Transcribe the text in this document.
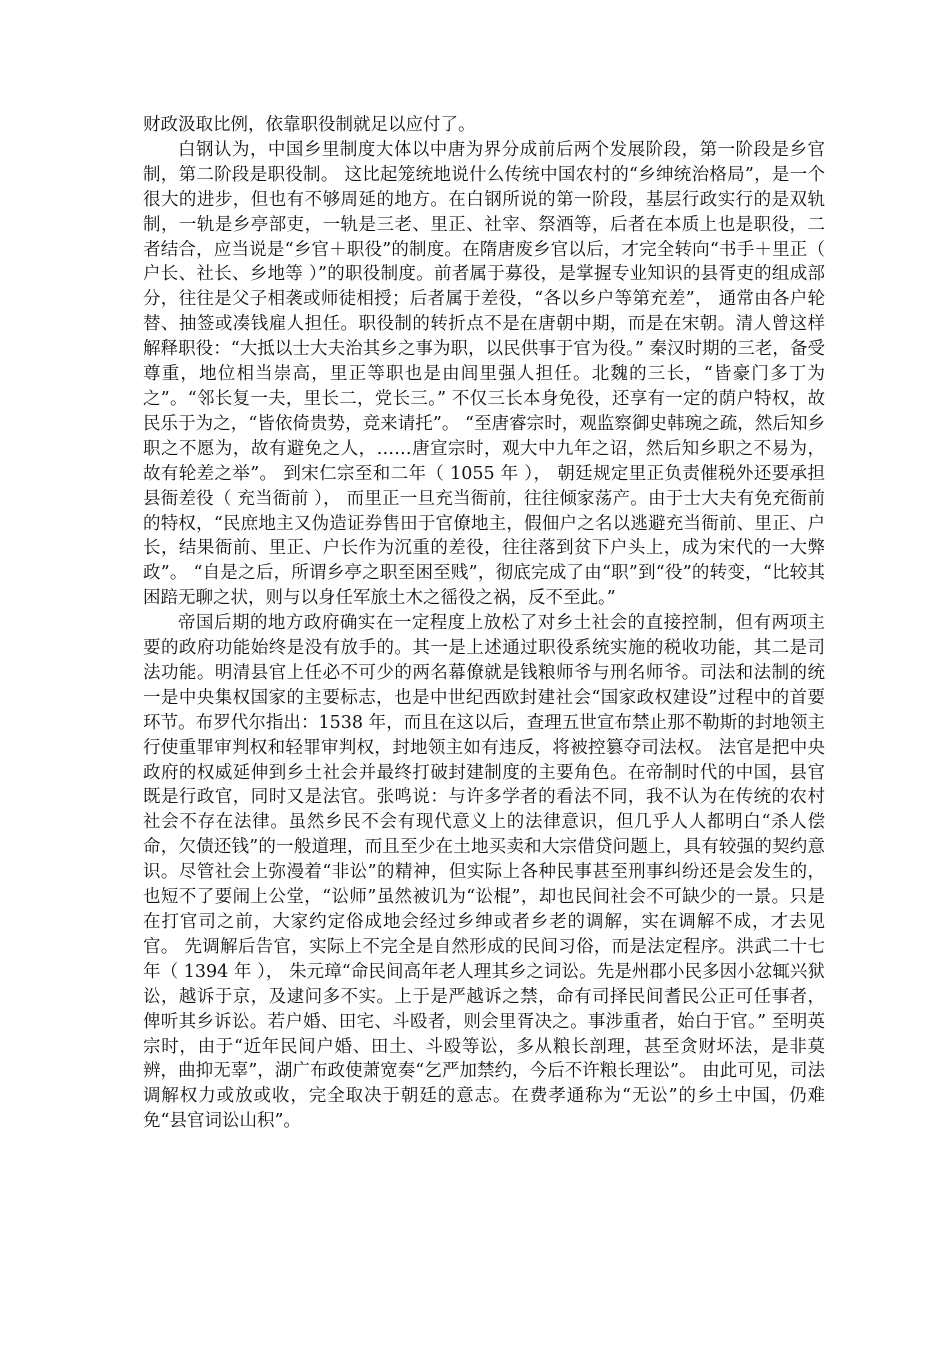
财政汲取比例，依靠职役制就足以应付了。

白钢认为，中国乡里制度大体以中唐为界分成前后两个发展阶段，第一阶段是乡官制，第二阶段是职役制。 这比起笼统地说什么传统中国农村的“乡绅统治格局”，是一个很大的进步，但也有不够周延的地方。在白钢所说的第一阶段，基层行政实行的是双轨制，一轨是乡亭部吏，一轨是三老、里正、社宰、祭酒等，后者在本质上也是职役，二者结合，应当说是“乡官＋职役”的制度。在隋唐废乡官以后，才完全转向“书手＋里正（ 户长、社长、乡地等 ）”的职役制度。前者属于募役，是掌握专业知识的县胥吏的组成部分，往往是父子相袭或师徒相授；后者属于差役，“各以乡户等第充差”， 通常由各户轮替、抽签或凑钱雇人担任。职役制的转折点不是在唐朝中期，而是在宋朝。清人曾这样解释职役：“大抵以士大夫治其乡之事为职，以民供事于官为役。” 秦汉时期的三老，备受尊重，地位相当崇高，里正等职也是由闾里强人担任。北魏的三长，“皆豪门多丁为之”。“邻长复一夫，里长二，党长三。” 不仅三长本身免役，还享有一定的荫户特权，故民乐于为之，“皆依倚贵势，竞来请托”。 “至唐睿宗时，观监察御史韩琬之疏，然后知乡职之不愿为，故有避免之人，……唐宣宗时，观大中九年之诏，然后知乡职之不易为，故有轮差之举”。 到宋仁宗至和二年（ 1055 年 ）， 朝廷规定里正负责催税外还要承担县衙差役（ 充当衙前 ）， 而里正一旦充当衙前，往往倾家荡产。由于士大夫有免充衙前的特权，“民庶地主又伪造证券售田于官僚地主，假佃户之名以逃避充当衙前、里正、户长，结果衙前、里正、户长作为沉重的差役，往往落到贫下户头上，成为宋代的一大弊政”。 “自是之后，所谓乡亭之职至困至贱”，彻底完成了由“职”到“役”的转变，“比较其困踣无聊之状，则与以身任军旅土木之徭役之祸，反不至此。”

帝国后期的地方政府确实在一定程度上放松了对乡土社会的直接控制，但有两项主要的政府功能始终是没有放手的。其一是上述通过职役系统实施的税收功能，其二是司法功能。明清县官上任必不可少的两名幕僚就是钱粮师爷与刑名师爷。司法和法制的统一是中央集权国家的主要标志，也是中世纪西欧封建社会“国家政权建设”过程中的首要环节。布罗代尔指出：1538 年，而且在这以后，查理五世宣布禁止那不勒斯的封地领主行使重罪审判权和轻罪审判权，封地领主如有违反，将被控篡夺司法权。 法官是把中央政府的权威延伸到乡土社会并最终打破封建制度的主要角色。在帝制时代的中国，县官既是行政官，同时又是法官。张鸣说：与许多学者的看法不同，我不认为在传统的农村社会不存在法律。虽然乡民不会有现代意义上的法律意识，但几乎人人都明白“杀人偿命，欠债还钱”的一般道理，而且至少在土地买卖和大宗借贷问题上，具有较强的契约意识。尽管社会上弥漫着“非讼”的精神，但实际上各种民事甚至刑事纠纷还是会发生的，也短不了要闹上公堂，“讼师”虽然被讥为“讼棍”，却也民间社会不可缺少的一景。只是在打官司之前，大家约定俗成地会经过乡绅或者乡老的调解，实在调解不成，才去见官。 先调解后告官，实际上不完全是自然形成的民间习俗，而是法定程序。洪武二十七年（ 1394 年 ）， 朱元璋“命民间高年老人理其乡之词讼。先是州郡小民多因小忿辄兴狱讼，越诉于京，及逮问多不实。上于是严越诉之禁，命有司择民间耆民公正可任事者，俾听其乡诉讼。若户婚、田宅、斗殴者，则会里胥决之。事涉重者，始白于官。” 至明英宗时，由于“近年民间户婚、田土、斗殴等讼，多从粮长剖理，甚至贪财坏法，是非莫辨，曲抑无辜”，湖广布政使萧宽奏“乞严加禁约，今后不许粮长理讼”。 由此可见，司法调解权力或放或收，完全取决于朝廷的意志。在费孝通称为“无讼”的乡土中国，仍难免“县官词讼山积”。
